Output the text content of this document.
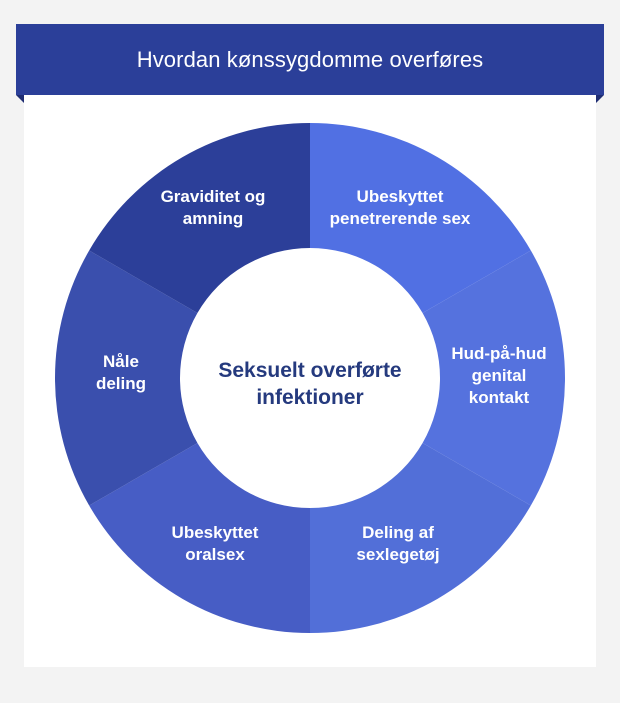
Hvordan kønssygdomme overføres
Graviditet og
amning
Ubeskyttet
penetrerende sex
Hud-på-hud
genital
kontakt
Deling af
sexlegetøj
Ubeskyttet
oralsex
Nåle
deling
Seksuelt overførte
infektioner
